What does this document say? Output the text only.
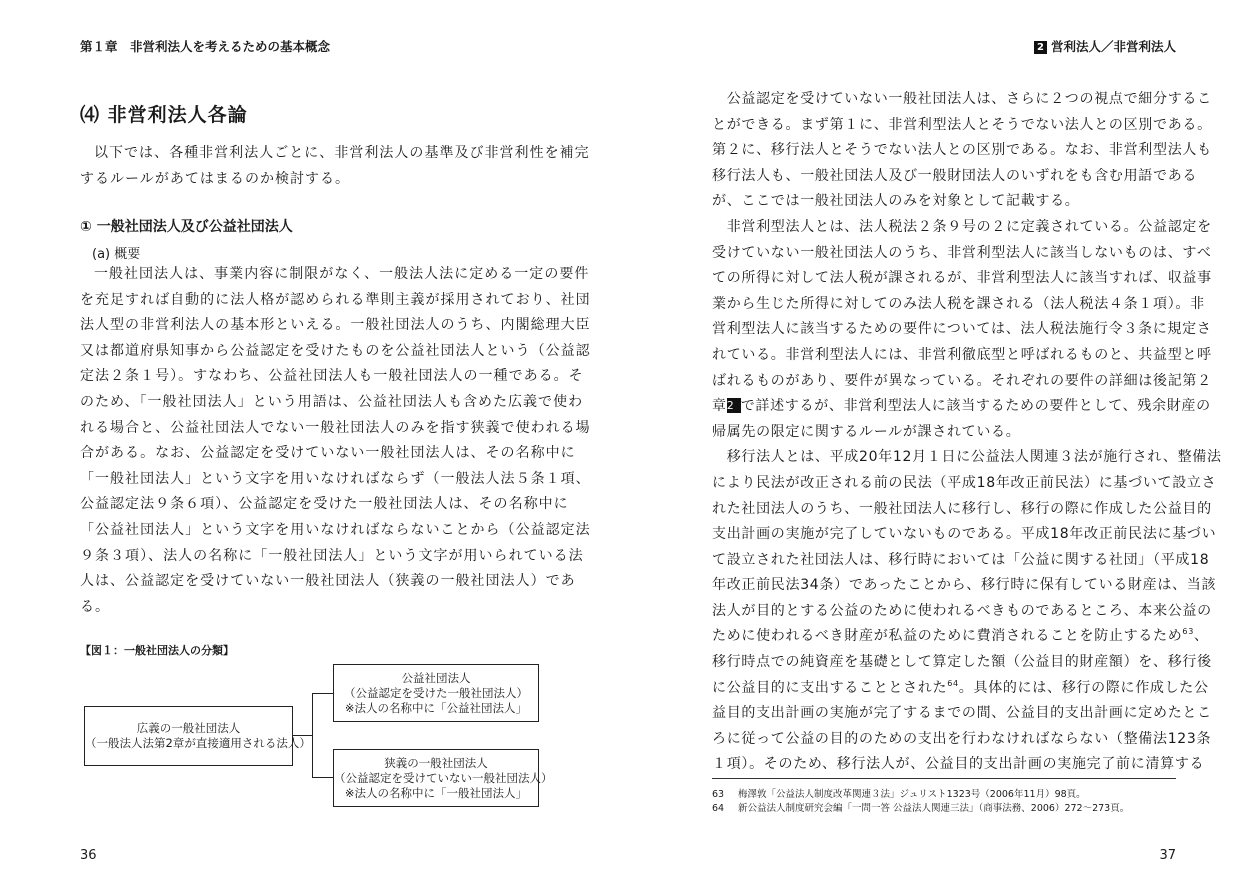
第１章　非営利法人を考えるための基本概念
⑷ 非営利法人各論
以下では、各種非営利法人ごとに、非営利法人の基準及び非営利性を補完
するルールがあてはまるのか検討する。
① 一般社団法人及び公益社団法人
(a) 概要
一般社団法人は、事業内容に制限がなく、一般法人法に定める一定の要件
を充足すれば自動的に法人格が認められる準則主義が採用されており、社団
法人型の非営利法人の基本形といえる。一般社団法人のうち、内閣総理大臣
又は都道府県知事から公益認定を受けたものを公益社団法人という（公益認
定法２条１号）。すなわち、公益社団法人も一般社団法人の一種である。そ
のため、「一般社団法人」という用語は、公益社団法人も含めた広義で使わ
れる場合と、公益社団法人でない一般社団法人のみを指す狭義で使われる場
合がある。なお、公益認定を受けていない一般社団法人は、その名称中に
「一般社団法人」という文字を用いなければならず（一般法人法５条１項、
公益認定法９条６項）、公益認定を受けた一般社団法人は、その名称中に
「公益社団法人」という文字を用いなければならないことから（公益認定法
９条３項）、法人の名称に「一般社団法人」という文字が用いられている法
人は、公益認定を受けていない一般社団法人（狭義の一般社団法人）であ
る。
【図１：一般社団法人の分類】
広義の一般社団法人
（一般法人法第2章が直接適用される法人）
公益社団法人
（公益認定を受けた一般社団法人）
※法人の名称中に「公益社団法人」
狭義の一般社団法人
（公益認定を受けていない一般社団法人）
※法人の名称中に「一般社団法人」
36
2 営利法人／非営利法人
　公益認定を受けていない一般社団法人は、さらに２つの視点で細分するこ
とができる。まず第１に、非営利型法人とそうでない法人との区別である。
第２に、移行法人とそうでない法人との区別である。なお、非営利型法人も
移行法人も、一般社団法人及び一般財団法人のいずれをも含む用語である
が、ここでは一般社団法人のみを対象として記載する。
　非営利型法人とは、法人税法２条９号の２に定義されている。公益認定を
受けていない一般社団法人のうち、非営利型法人に該当しないものは、すべ
ての所得に対して法人税が課されるが、非営利型法人に該当すれば、収益事
業から生じた所得に対してのみ法人税を課される（法人税法４条１項）。非
営利型法人に該当するための要件については、法人税法施行令３条に規定さ
れている。非営利型法人には、非営利徹底型と呼ばれるものと、共益型と呼
ばれるものがあり、要件が異なっている。それぞれの要件の詳細は後記第２
章2 で詳述するが、非営利型法人に該当するための要件として、残余財産の
帰属先の限定に関するルールが課されている。
　移行法人とは、平成20年12月１日に公益法人関連３法が施行され、整備法
により民法が改正される前の民法（平成18年改正前民法）に基づいて設立さ
れた社団法人のうち、一般社団法人に移行し、移行の際に作成した公益目的
支出計画の実施が完了していないものである。平成18年改正前民法に基づい
て設立された社団法人は、移行時においては「公益に関する社団」（平成18
年改正前民法34条）であったことから、移行時に保有している財産は、当該
法人が目的とする公益のために使われるべきものであるところ、本来公益の
ために使われるべき財産が私益のために費消されることを防止するため$^{63}$、
移行時点での純資産を基礎として算定した額（公益目的財産額）を、移行後
に公益目的に支出することとされた$^{64}$。具体的には、移行の際に作成した公
益目的支出計画の実施が完了するまでの間、公益目的支出計画に定めたとこ
ろに従って公益の目的のための支出を行わなければならない（整備法123条
１項）。そのため、移行法人が、公益目的支出計画の実施完了前に清算する
63 梅澤敦「公益法人制度改革関連３法」ジュリスト1323号（2006年11月）98頁。
64 新公益法人制度研究会編「一問一答 公益法人関連三法」（商事法務、2006）272〜273頁。
37
